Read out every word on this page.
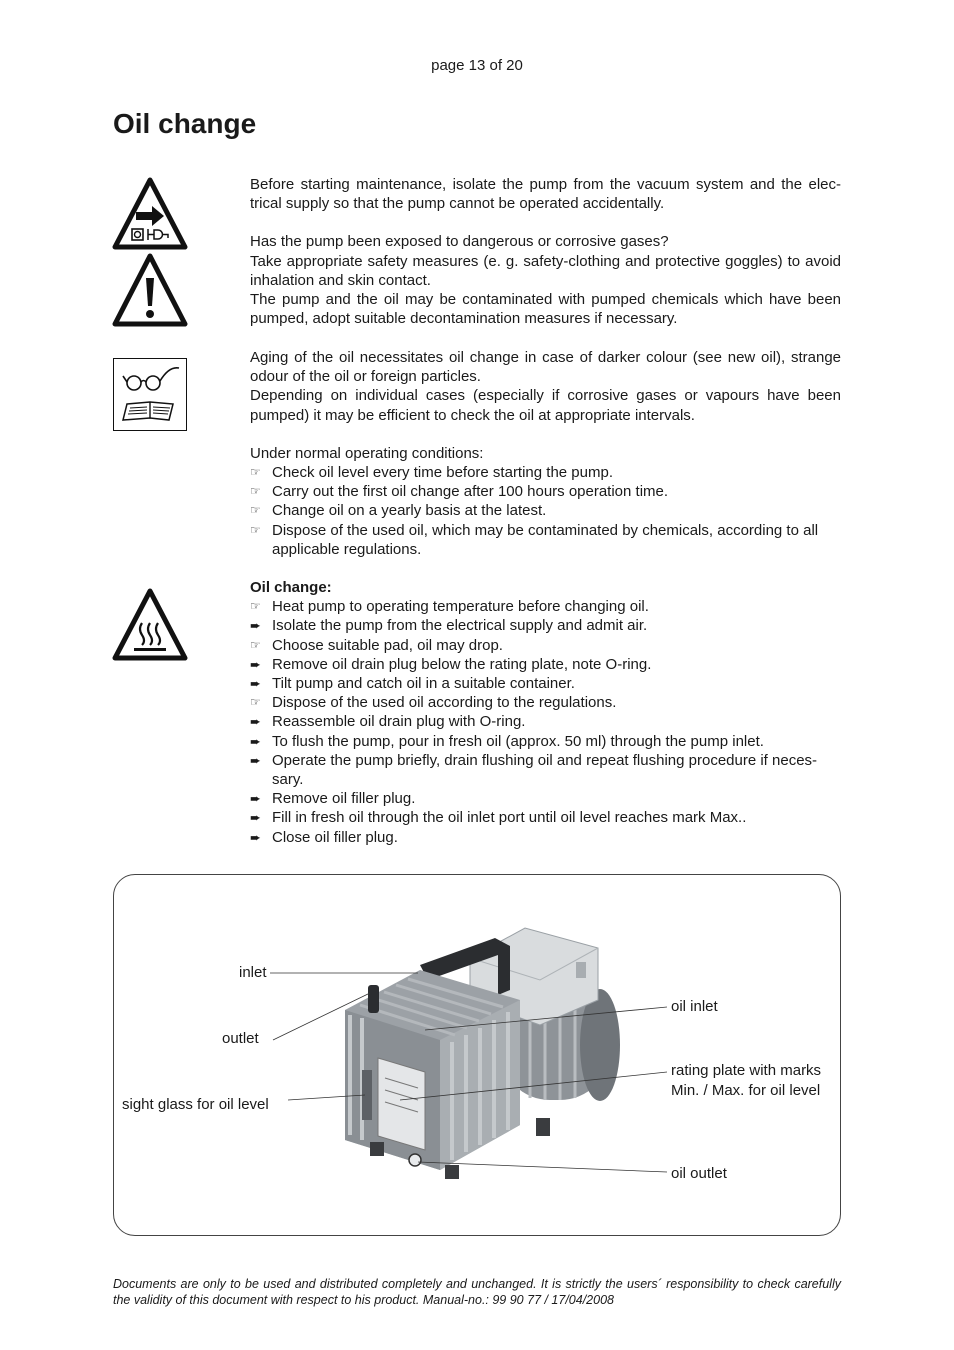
page 13 of 20
Oil change

Before starting maintenance, isolate the pump from the vacuum system and the elec-trical supply so that the pump cannot be operated accidentally.

Has the pump been exposed to dangerous or corrosive gases?

Take appropriate safety measures (e. g. safety-clothing and protective goggles) to avoid inhalation and skin contact.

The pump and the oil may be contaminated with pumped chemicals which have been pumped, adopt suitable decontamination measures if necessary.

Aging of the oil necessitates oil change in case of darker colour (see new oil), strange odour of the oil or foreign particles.

Depending on individual cases (especially if corrosive gases or vapours have been pumped) it may be efficient to check the oil at appropriate intervals.

Under normal operating conditions:

☞ Check oil level every time before starting the pump.
☞ Carry out the first oil change after 100 hours operation time.
☞ Change oil on a yearly basis at the latest.
☞ Dispose of the used oil, which may be contaminated by chemicals, according to all applicable regulations.

Oil change:

☞ Heat pump to operating temperature before changing oil.
➨ Isolate the pump from the electrical supply and admit air.
☞ Choose suitable pad, oil may drop.
➨ Remove oil drain plug below the rating plate, note O-ring.
➨ Tilt pump and catch oil in a suitable container.
☞ Dispose of the used oil according to the regulations.
➨ Reassemble oil drain plug with O-ring.
➨ To flush the pump, pour in fresh oil (approx. 50 ml) through the pump inlet.
➨ Operate the pump briefly, drain flushing oil and repeat flushing procedure if neces-sary.
➨ Remove oil filler plug.
➨ Fill in fresh oil through the oil inlet port until oil level reaches mark Max..
➨ Close oil filler plug.
inlet
outlet
sight glass for oil level
oil inlet
rating plate with marks
Min. / Max. for oil level
oil outlet
Documents are only to be used and distributed completely and unchanged. It is strictly the users´ responsibility to check carefully the validity of this document with respect to his product. Manual-no.: 99 90 77 / 17/04/2008
